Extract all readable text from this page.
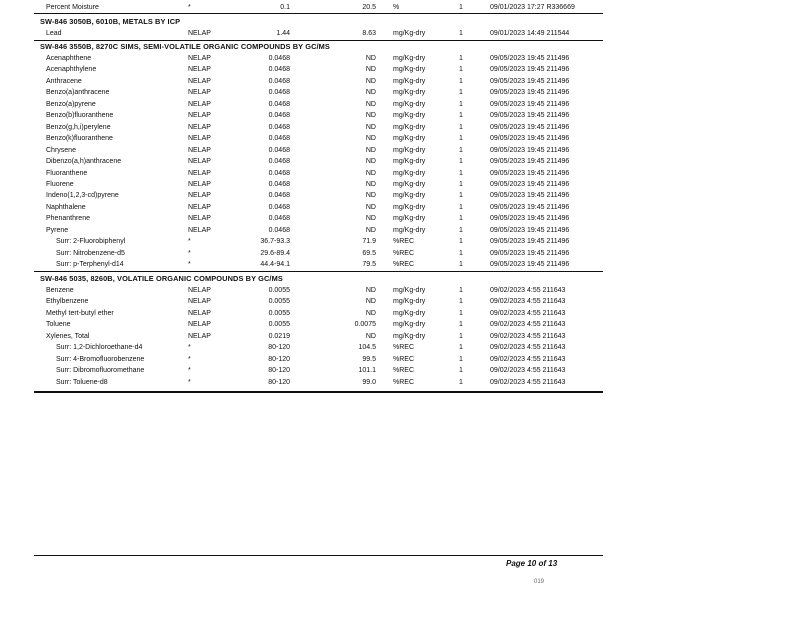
Percent Moisture	*	0.1	20.5 %	1	09/01/2023 17:27 R336669
SW-846 3050B, 6010B, METALS BY ICP
Lead	NELAP	1.44	8.63 mg/Kg-dry	1	09/01/2023 14:49 211544
SW-846 3550B, 8270C SIMS, SEMI-VOLATILE ORGANIC COMPOUNDS BY GC/MS
Acenaphthene	NELAP	0.0468	ND mg/Kg-dry	1	09/05/2023 19:45 211496
Acenaphthylene	NELAP	0.0468	ND mg/Kg-dry	1	09/05/2023 19:45 211496
Anthracene	NELAP	0.0468	ND mg/Kg-dry	1	09/05/2023 19:45 211496
Benzo(a)anthracene	NELAP	0.0468	ND mg/Kg-dry	1	09/05/2023 19:45 211496
Benzo(a)pyrene	NELAP	0.0468	ND mg/Kg-dry	1	09/05/2023 19:45 211496
Benzo(b)fluoranthene	NELAP	0.0468	ND mg/Kg-dry	1	09/05/2023 19:45 211496
Benzo(g,h,i)perylene	NELAP	0.0468	ND mg/Kg-dry	1	09/05/2023 19:45 211496
Benzo(k)fluoranthene	NELAP	0.0468	ND mg/Kg-dry	1	09/05/2023 19:45 211496
Chrysene	NELAP	0.0468	ND mg/Kg-dry	1	09/05/2023 19:45 211496
Dibenzo(a,h)anthracene	NELAP	0.0468	ND mg/Kg-dry	1	09/05/2023 19:45 211496
Fluoranthene	NELAP	0.0468	ND mg/Kg-dry	1	09/05/2023 19:45 211496
Fluorene	NELAP	0.0468	ND mg/Kg-dry	1	09/05/2023 19:45 211496
Indeno(1,2,3-cd)pyrene	NELAP	0.0468	ND mg/Kg-dry	1	09/05/2023 19:45 211496
Naphthalene	NELAP	0.0468	ND mg/Kg-dry	1	09/05/2023 19:45 211496
Phenanthrene	NELAP	0.0468	ND mg/Kg-dry	1	09/05/2023 19:45 211496
Pyrene	NELAP	0.0468	ND mg/Kg-dry	1	09/05/2023 19:45 211496
Surr: 2-Fluorobiphenyl	*	36.7-93.3	71.9 %REC	1	09/05/2023 19:45 211496
Surr: Nitrobenzene-d5	*	29.6-89.4	69.5 %REC	1	09/05/2023 19:45 211496
Surr: p-Terphenyl-d14	*	44.4-94.1	79.5 %REC	1	09/05/2023 19:45 211496
SW-846 5035, 8260B, VOLATILE ORGANIC COMPOUNDS BY GC/MS
Benzene	NELAP	0.0055	ND mg/Kg-dry	1	09/02/2023 4:55 211643
Ethylbenzene	NELAP	0.0055	ND mg/Kg-dry	1	09/02/2023 4:55 211643
Methyl tert-butyl ether	NELAP	0.0055	ND mg/Kg-dry	1	09/02/2023 4:55 211643
Toluene	NELAP	0.0055	0.0075 mg/Kg-dry	1	09/02/2023 4:55 211643
Xylenes, Total	NELAP	0.0219	ND mg/Kg-dry	1	09/02/2023 4:55 211643
Surr: 1,2-Dichloroethane-d4	*	80-120	104.5 %REC	1	09/02/2023 4:55 211643
Surr: 4-Bromofluorobenzene	*	80-120	99.5 %REC	1	09/02/2023 4:55 211643
Surr: Dibromofluoromethane	*	80-120	101.1 %REC	1	09/02/2023 4:55 211643
Surr: Toluene-d8	*	80-120	99.0 %REC	1	09/02/2023 4:55 211643
Page 10 of 13
019
